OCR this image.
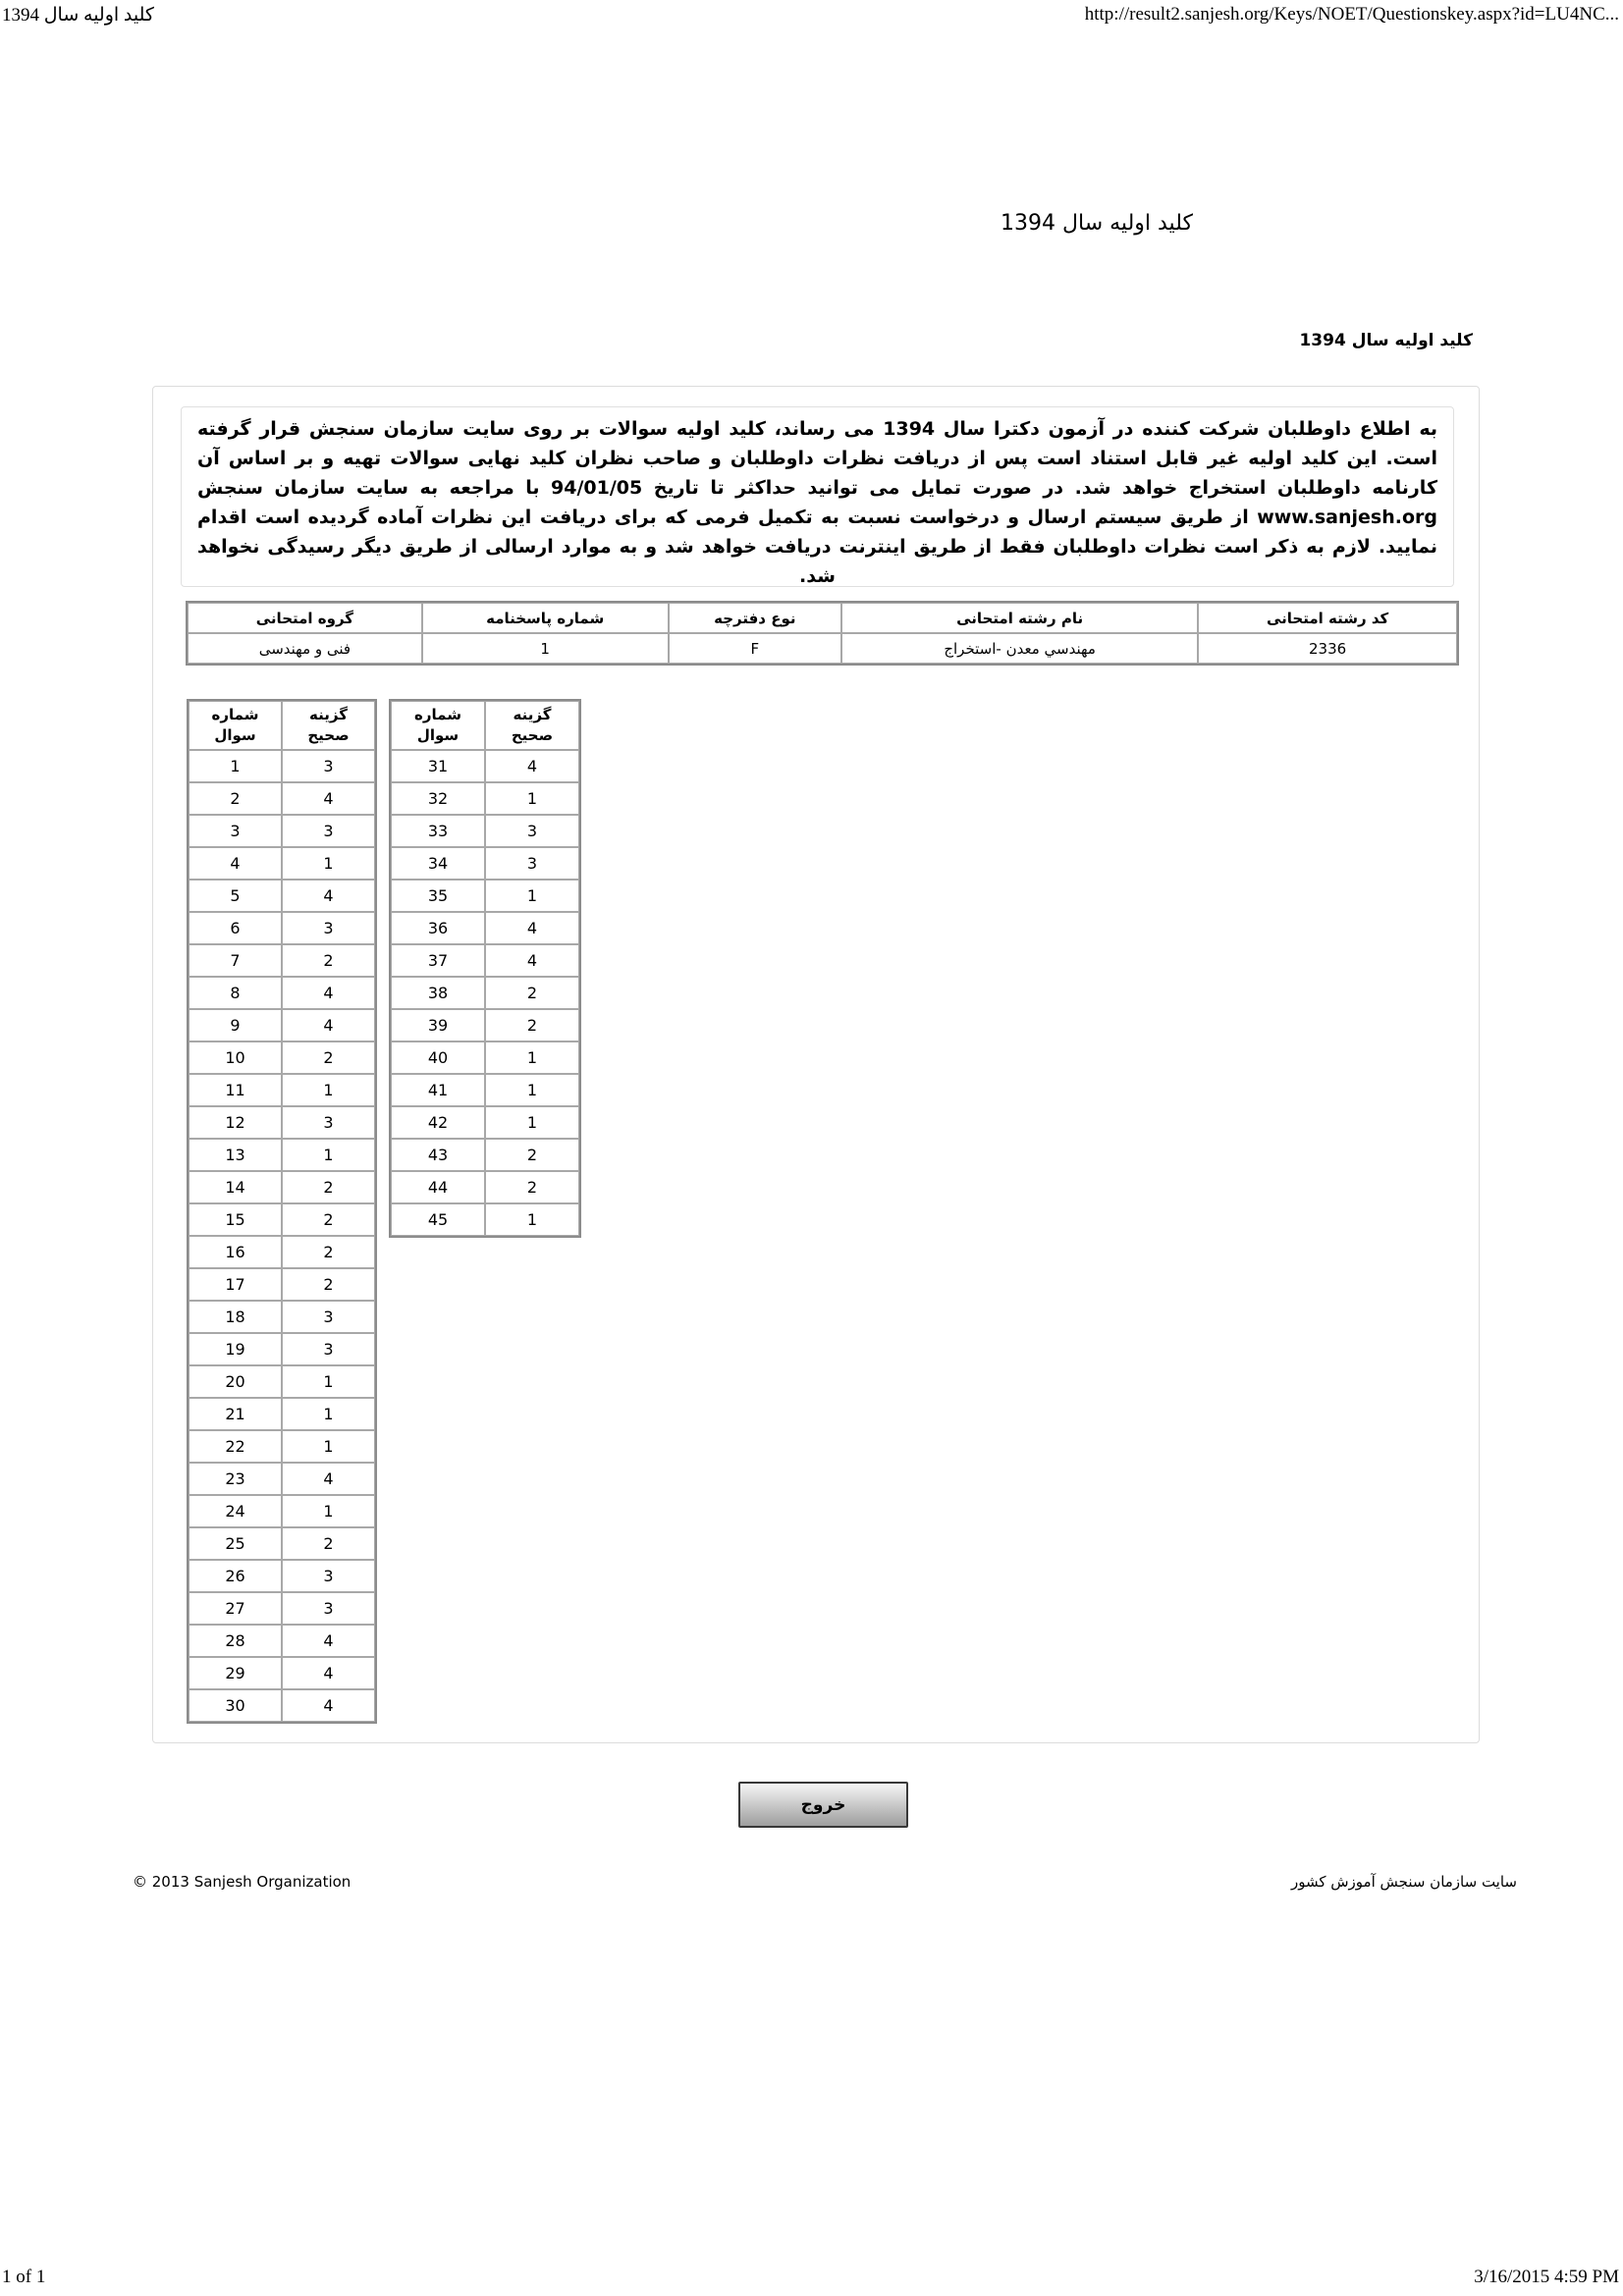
کلید اولیه سال 1394	http://result2.sanjesh.org/Keys/NOET/Questionskey.aspx?id=LU4NC...
کلید اولیه سال 1394
کلید اولیه سال 1394
به اطلاع داوطلبان شرکت کننده در آزمون دکترا سال 1394 می رساند، کلید اولیه سوالات بر روی سایت سازمان سنجش قرار گرفته است. این کلید اولیه غیر قابل استناد است پس از دریافت نظرات داوطلبان و صاحب نظران کلید نهایی سوالات تهیه و بر اساس آن کارنامه داوطلبان استخراج خواهد شد. در صورت تمایل می توانید حداکثر تا تاریخ 94/01/05 با مراجعه به سایت سازمان سنجش www.sanjesh.org از طریق سیستم ارسال و درخواست نسبت به تکمیل فرمی که برای دریافت این نظرات آماده گردیده است اقدام نمایید. لازم به ذکر است نظرات داوطلبان فقط از طریق اینترنت دریافت خواهد شد و به موارد ارسالی از طریق دیگر رسیدگی نخواهد شد.
کد رشته امتحانی	نام رشته امتحانی	نوع دفترچه	شماره پاسخنامه	گروه امتحانی
2336	مهندسي معدن -استخراج	F	1	فنی و مهندسی
شماره
سوال	گزینه
صحیح
1	3
2	4
3	3
4	1
5	4
6	3
7	2
8	4
9	4
10	2
11	1
12	3
13	1
14	2
15	2
16	2
17	2
18	3
19	3
20	1
21	1
22	1
23	4
24	1
25	2
26	3
27	3
28	4
29	4
30	4
شماره
سوال	گزینه
صحیح
31	4
32	1
33	3
34	3
35	1
36	4
37	4
38	2
39	2
40	1
41	1
42	1
43	2
44	2
45	1
خروج
© 2013 Sanjesh Organization	سایت سازمان سنجش آموزش کشور
1 of 1	3/16/2015 4:59 PM
